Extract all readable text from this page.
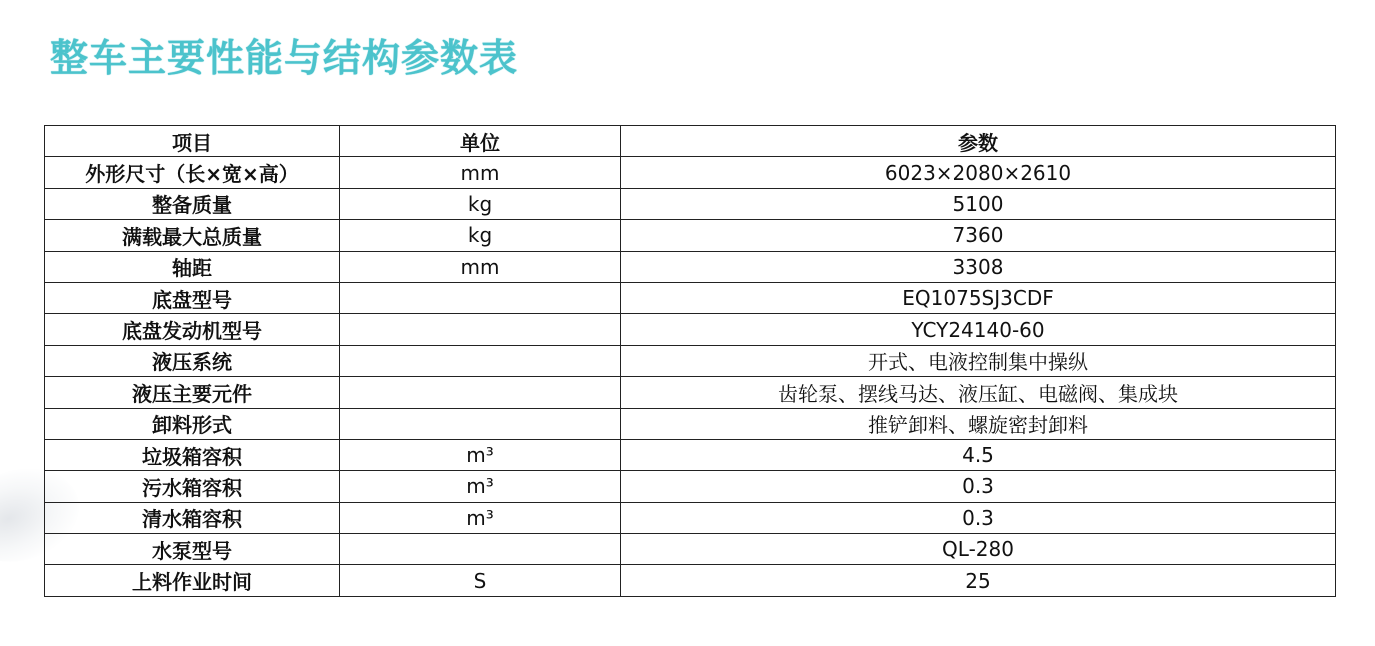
整车主要性能与结构参数表
项目	单位	参数
外形尺寸（长×宽×高）	mm	6023×2080×2610
整备质量	kg	5100
满载最大总质量	kg	7360
轴距	mm	3308
底盘型号		EQ1075SJ3CDF
底盘发动机型号		YCY24140-60
液压系统		开式、电液控制集中操纵
液压主要元件		齿轮泵、摆线马达、液压缸、电磁阀、集成块
卸料形式		推铲卸料、螺旋密封卸料
垃圾箱容积	m³	4.5
污水箱容积	m³	0.3
清水箱容积	m³	0.3
水泵型号		QL-280
上料作业时间	S	25
